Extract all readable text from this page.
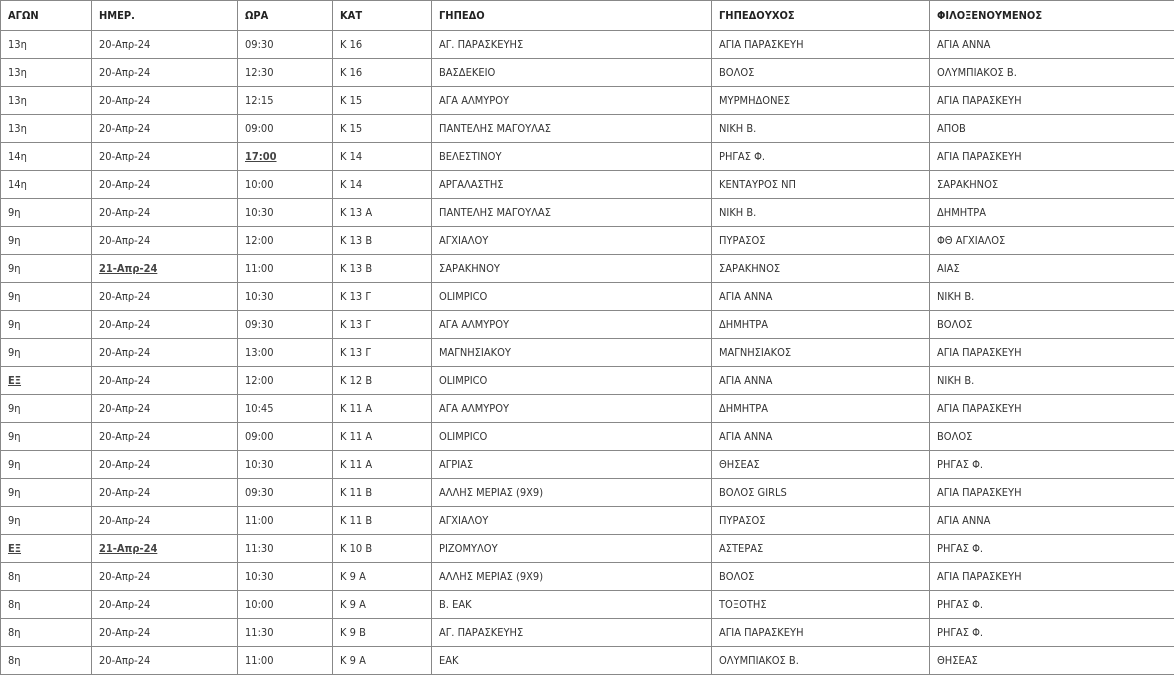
ΑΓΩΝ	ΗΜΕΡ.	ΩΡΑ	ΚΑΤ	ΓΗΠΕΔΟ	ΓΗΠΕΔΟΥΧΟΣ	ΦΙΛΟΞΕΝΟΥΜΕΝΟΣ
13η	20-Απρ-24	09:30	Κ 16	ΑΓ. ΠΑΡΑΣΚΕΥΗΣ	ΑΓΙΑ ΠΑΡΑΣΚΕΥΗ	ΑΓΙΑ ΑΝΝΑ
13η	20-Απρ-24	12:30	Κ 16	ΒΑΣΔΕΚΕΙΟ	ΒΟΛΟΣ	ΟΛΥΜΠΙΑΚΟΣ Β.
13η	20-Απρ-24	12:15	Κ 15	ΑΓΑ ΑΛΜΥΡΟΥ	ΜΥΡΜΗΔΟΝΕΣ	ΑΓΙΑ ΠΑΡΑΣΚΕΥΗ
13η	20-Απρ-24	09:00	Κ 15	ΠΑΝΤΕΛΗΣ ΜΑΓΟΥΛΑΣ	ΝΙΚΗ Β.	ΑΠΟΒ
14η	20-Απρ-24	17:00	Κ 14	ΒΕΛΕΣΤΙΝΟΥ	ΡΗΓΑΣ Φ.	ΑΓΙΑ ΠΑΡΑΣΚΕΥΗ
14η	20-Απρ-24	10:00	Κ 14	ΑΡΓΑΛΑΣΤΗΣ	ΚΕΝΤΑΥΡΟΣ ΝΠ	ΣΑΡΑΚΗΝΟΣ
9η	20-Απρ-24	10:30	Κ 13 Α	ΠΑΝΤΕΛΗΣ ΜΑΓΟΥΛΑΣ	ΝΙΚΗ Β.	ΔΗΜΗΤΡΑ
9η	20-Απρ-24	12:00	Κ 13 Β	ΑΓΧΙΑΛΟΥ	ΠΥΡΑΣΟΣ	ΦΘ ΑΓΧΙΑΛΟΣ
9η	21-Απρ-24	11:00	Κ 13 Β	ΣΑΡΑΚΗΝΟΥ	ΣΑΡΑΚΗΝΟΣ	ΑΙΑΣ
9η	20-Απρ-24	10:30	Κ 13 Γ	OLIMPICO	ΑΓΙΑ ΑΝΝΑ	ΝΙΚΗ Β.
9η	20-Απρ-24	09:30	Κ 13 Γ	ΑΓΑ ΑΛΜΥΡΟΥ	ΔΗΜΗΤΡΑ	ΒΟΛΟΣ
9η	20-Απρ-24	13:00	Κ 13 Γ	ΜΑΓΝΗΣΙΑΚΟΥ	ΜΑΓΝΗΣΙΑΚΟΣ	ΑΓΙΑ ΠΑΡΑΣΚΕΥΗ
ΕΞ	20-Απρ-24	12:00	Κ 12 Β	OLIMPICO	ΑΓΙΑ ΑΝΝΑ	ΝΙΚΗ Β.
9η	20-Απρ-24	10:45	Κ 11 Α	ΑΓΑ ΑΛΜΥΡΟΥ	ΔΗΜΗΤΡΑ	ΑΓΙΑ ΠΑΡΑΣΚΕΥΗ
9η	20-Απρ-24	09:00	Κ 11 Α	OLIMPICO	ΑΓΙΑ ΑΝΝΑ	ΒΟΛΟΣ
9η	20-Απρ-24	10:30	Κ 11 Α	ΑΓΡΙΑΣ	ΘΗΣΕΑΣ	ΡΗΓΑΣ Φ.
9η	20-Απρ-24	09:30	Κ 11 Β	ΑΛΛΗΣ ΜΕΡΙΑΣ (9Χ9)	ΒΟΛΟΣ GIRLS	ΑΓΙΑ ΠΑΡΑΣΚΕΥΗ
9η	20-Απρ-24	11:00	Κ 11 Β	ΑΓΧΙΑΛΟΥ	ΠΥΡΑΣΟΣ	ΑΓΙΑ ΑΝΝΑ
ΕΞ	21-Απρ-24	11:30	Κ 10 Β	ΡΙΖΟΜΥΛΟΥ	ΑΣΤΕΡΑΣ	ΡΗΓΑΣ Φ.
8η	20-Απρ-24	10:30	Κ 9 Α	ΑΛΛΗΣ ΜΕΡΙΑΣ (9Χ9)	ΒΟΛΟΣ	ΑΓΙΑ ΠΑΡΑΣΚΕΥΗ
8η	20-Απρ-24	10:00	Κ 9 Α	Β. ΕΑΚ	ΤΟΞΟΤΗΣ	ΡΗΓΑΣ Φ.
8η	20-Απρ-24	11:30	Κ 9 Β	ΑΓ. ΠΑΡΑΣΚΕΥΗΣ	ΑΓΙΑ ΠΑΡΑΣΚΕΥΗ	ΡΗΓΑΣ Φ.
8η	20-Απρ-24	11:00	Κ 9 Α	ΕΑΚ	ΟΛΥΜΠΙΑΚΟΣ Β.	ΘΗΣΕΑΣ
